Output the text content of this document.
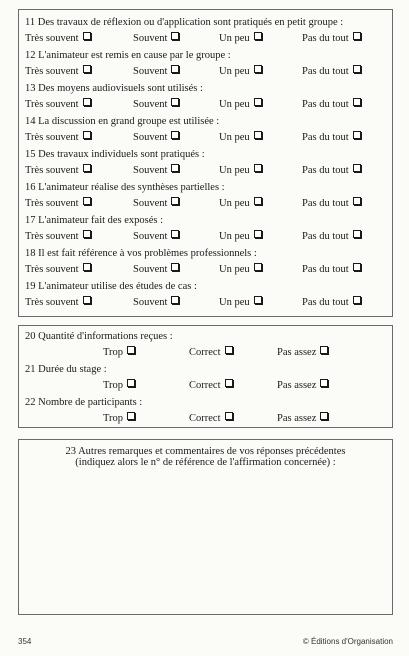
11 Des travaux de réflexion ou d'application sont pratiqués en petit groupe :
Très souvent	Souvent	Un peu	Pas du tout
12 L'animateur est remis en cause par le groupe :
Très souvent	Souvent	Un peu	Pas du tout
13 Des moyens audiovisuels sont utilisés :
Très souvent	Souvent	Un peu	Pas du tout
14 La discussion en grand groupe est utilisée :
Très souvent	Souvent	Un peu	Pas du tout
15 Des travaux individuels sont pratiqués :
Très souvent	Souvent	Un peu	Pas du tout
16 L'animateur réalise des synthèses partielles :
Très souvent	Souvent	Un peu	Pas du tout
17 L'animateur fait des exposés :
Très souvent	Souvent	Un peu	Pas du tout
18 Il est fait référence à vos problèmes professionnels :
Très souvent	Souvent	Un peu	Pas du tout
19 L'animateur utilise des études de cas :
Très souvent	Souvent	Un peu	Pas du tout
20 Quantité d'informations reçues :
Trop	Correct	Pas assez
21 Durée du stage :
Trop	Correct	Pas assez
22 Nombre de participants :
Trop	Correct	Pas assez
23 Autres remarques et commentaires de vos réponses précédentes
(indiquez alors le n° de référence de l'affirmation concernée) :
354	© Éditions d'Organisation
